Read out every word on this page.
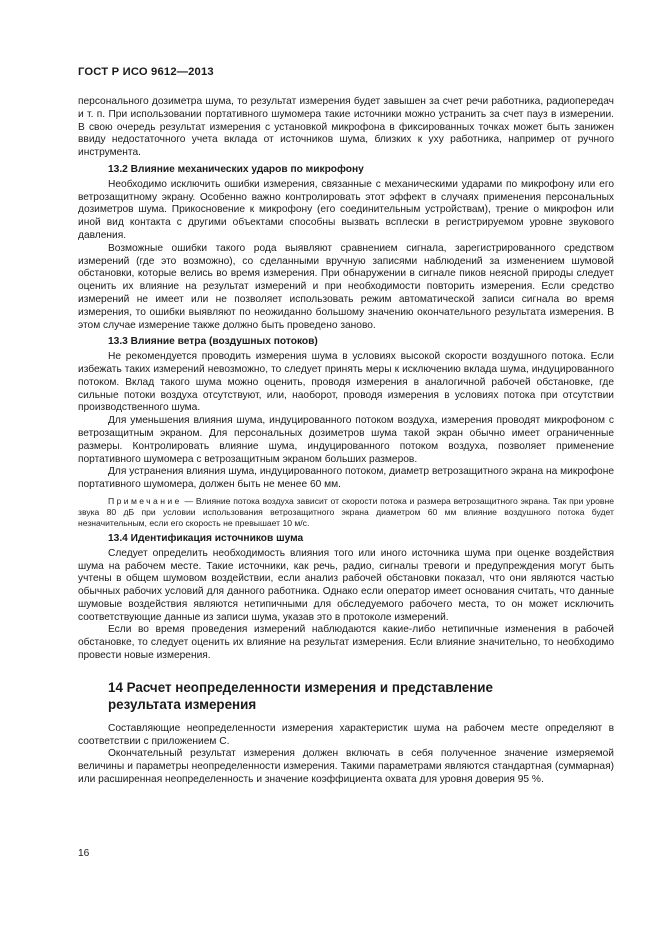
ГОСТ Р ИСО 9612—2013

персонального дозиметра шума, то результат измерения будет завышен за счет речи работника, радиопередач и т. п. При использовании портативного шумомера такие источники можно устранить за счет пауз в измерении. В свою очередь результат измерения с установкой микрофона в фиксированных точках может быть занижен ввиду недостаточного учета вклада от источников шума, близких к уху работника, например от ручного инструмента.

13.2 Влияние механических ударов по микрофону

Необходимо исключить ошибки измерения, связанные с механическими ударами по микрофону или его ветрозащитному экрану. Особенно важно контролировать этот эффект в случаях применения персональных дозиметров шума. Прикосновение к микрофону (его соединительным устройствам), трение о микрофон или иной вид контакта с другими объектами способны вызвать всплески в регистрируемом уровне звукового давления.

Возможные ошибки такого рода выявляют сравнением сигнала, зарегистрированного средством измерений (где это возможно), со сделанными вручную записями наблюдений за изменением шумовой обстановки, которые велись во время измерения. При обнаружении в сигнале пиков неясной природы следует оценить их влияние на результат измерений и при необходимости повторить измерения. Если средство измерений не имеет или не позволяет использовать режим автоматической записи сигнала во время измерения, то ошибки выявляют по неожиданно большому значению окончательного результата измерения. В этом случае измерение также должно быть проведено заново.

13.3 Влияние ветра (воздушных потоков)

Не рекомендуется проводить измерения шума в условиях высокой скорости воздушного потока. Если избежать таких измерений невозможно, то следует принять меры к исключению вклада шума, индуцированного потоком. Вклад такого шума можно оценить, проводя измерения в аналогичной рабочей обстановке, где сильные потоки воздуха отсутствуют, или, наоборот, проводя измерения в условиях потока при отсутствии производственного шума.

Для уменьшения влияния шума, индуцированного потоком воздуха, измерения проводят микрофоном с ветрозащитным экраном. Для персональных дозиметров шума такой экран обычно имеет ограниченные размеры. Контролировать влияние шума, индуцированного потоком воздуха, позволяет применение портативного шумомера с ветрозащитным экраном больших размеров.

Для устранения влияния шума, индуцированного потоком, диаметр ветрозащитного экрана на микрофоне портативного шумомера, должен быть не менее 60 мм.

Примечание — Влияние потока воздуха зависит от скорости потока и размера ветрозащитного экрана. Так при уровне звука 80 дБ при условии использования ветрозащитного экрана диаметром 60 мм влияние воздушного потока будет незначительным, если его скорость не превышает 10 м/с.
13.4 Идентификация источников шума

Следует определить необходимость влияния того или иного источника шума при оценке воздействия шума на рабочем месте. Такие источники, как речь, радио, сигналы тревоги и предупреждения могут быть учтены в общем шумовом воздействии, если анализ рабочей обстановки показал, что они являются частью обычных рабочих условий для данного работника. Однако если оператор имеет основания считать, что данные шумовые воздействия являются нетипичными для обследуемого рабочего места, то он может исключить соответствующие данные из записи шума, указав это в протоколе измерений.

Если во время проведения измерений наблюдаются какие-либо нетипичные изменения в рабочей обстановке, то следует оценить их влияние на результат измерения. Если влияние значительно, то необходимо провести новые измерения.

14 Расчет неопределенности измерения и представление
результата измерения

Составляющие неопределенности измерения характеристик шума на рабочем месте определяют в соответствии с приложением С.

Окончательный результат измерения должен включать в себя полученное значение измеряемой величины и параметры неопределенности измерения. Такими параметрами являются стандартная (суммарная) или расширенная неопределенность и значение коэффициента охвата для уровня доверия 95 %.

16
